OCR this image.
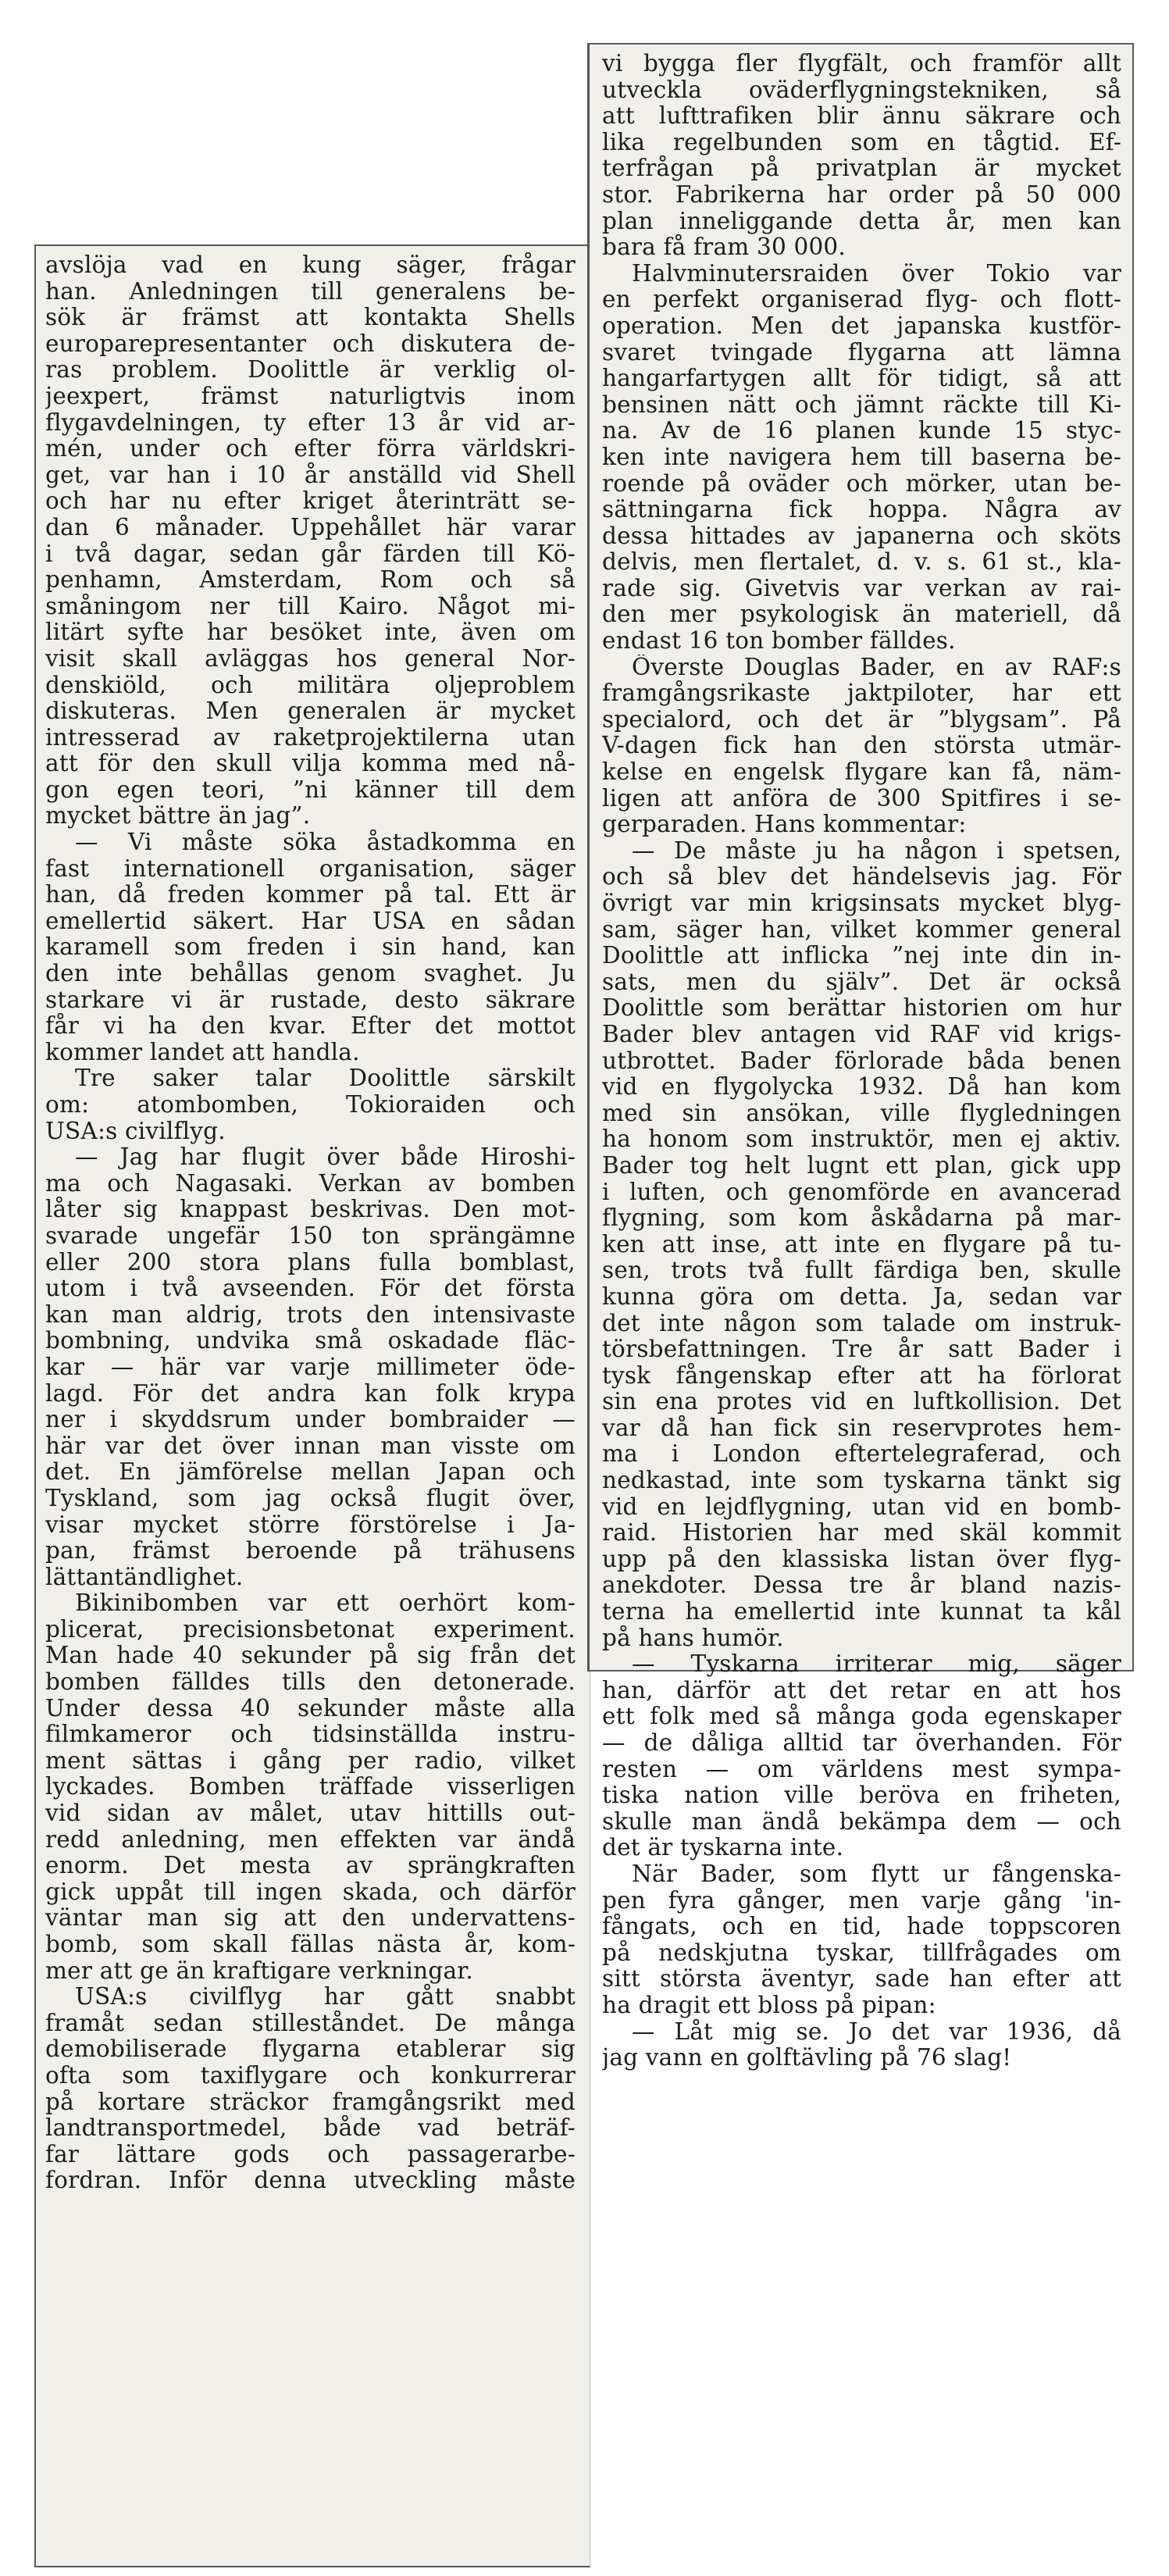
avslöja vad en kung säger, frågar
han. Anledningen till generalens be-
sök är främst att kontakta Shells
europarepresentanter och diskutera de-
ras problem. Doolittle är verklig ol-
jeexpert, främst naturligtvis inom
flygavdelningen, ty efter 13 år vid ar-
mén, under och efter förra världskri-
get, var han i 10 år anställd vid Shell
och har nu efter kriget återinträtt se-
dan 6 månader. Uppehållet här varar
i två dagar, sedan går färden till Kö-
penhamn, Amsterdam, Rom och så
småningom ner till Kairo. Något mi-
litärt syfte har besöket inte, även om
visit skall avläggas hos general Nor-
denskiöld, och militära oljeproblem
diskuteras. Men generalen är mycket
intresserad av raketprojektilerna utan
att för den skull vilja komma med nå-
gon egen teori, ”ni känner till dem
mycket bättre än jag”.
— Vi måste söka åstadkomma en
fast internationell organisation, säger
han, då freden kommer på tal. Ett är
emellertid säkert. Har USA en sådan
karamell som freden i sin hand, kan
den inte behållas genom svaghet. Ju
starkare vi är rustade, desto säkrare
får vi ha den kvar. Efter det mottot
kommer landet att handla.
Tre saker talar Doolittle särskilt
om: atombomben, Tokioraiden och
USA:s civilflyg.
— Jag har flugit över både Hiroshi-
ma och Nagasaki. Verkan av bomben
låter sig knappast beskrivas. Den mot-
svarade ungefär 150 ton sprängämne
eller 200 stora plans fulla bomblast,
utom i två avseenden. För det första
kan man aldrig, trots den intensivaste
bombning, undvika små oskadade fläc-
kar — här var varje millimeter öde-
lagd. För det andra kan folk krypa
ner i skyddsrum under bombraider —
här var det över innan man visste om
det. En jämförelse mellan Japan och
Tyskland, som jag också flugit över,
visar mycket större förstörelse i Ja-
pan, främst beroende på trähusens
lättantändlighet.
Bikinibomben var ett oerhört kom-
plicerat, precisionsbetonat experiment.
Man hade 40 sekunder på sig från det
bomben fälldes tills den detonerade.
Under dessa 40 sekunder måste alla
filmkameror och tidsinställda instru-
ment sättas i gång per radio, vilket
lyckades. Bomben träffade visserligen
vid sidan av målet, utav hittills out-
redd anledning, men effekten var ändå
enorm. Det mesta av sprängkraften
gick uppåt till ingen skada, och därför
väntar man sig att den undervattens-
bomb, som skall fällas nästa år, kom-
mer att ge än kraftigare verkningar.
USA:s civilflyg har gått snabbt
framåt sedan stilleståndet. De många
demobiliserade flygarna etablerar sig
ofta som taxiflygare och konkurrerar
på kortare sträckor framgångsrikt med
landtransportmedel, både vad beträf-
far lättare gods och passagerarbe-
fordran. Inför denna utveckling måste
vi bygga fler flygfält, och framför allt
utveckla oväderflygningstekniken, så
att lufttrafiken blir ännu säkrare och
lika regelbunden som en tågtid. Ef-
terfrågan på privatplan är mycket
stor. Fabrikerna har order på 50 000
plan inneliggande detta år, men kan
bara få fram 30 000.
Halvminutersraiden över Tokio var
en perfekt organiserad flyg- och flott-
operation. Men det japanska kustför-
svaret tvingade flygarna att lämna
hangarfartygen allt för tidigt, så att
bensinen nätt och jämnt räckte till Ki-
na. Av de 16 planen kunde 15 styc-
ken inte navigera hem till baserna be-
roende på oväder och mörker, utan be-
sättningarna fick hoppa. Några av
dessa hittades av japanerna och sköts
delvis, men flertalet, d. v. s. 61 st., kla-
rade sig. Givetvis var verkan av rai-
den mer psykologisk än materiell, då
endast 16 ton bomber fälldes.
Överste Douglas Bader, en av RAF:s
framgångsrikaste jaktpiloter, har ett
specialord, och det är ”blygsam”. På
V-dagen fick han den största utmär-
kelse en engelsk flygare kan få, näm-
ligen att anföra de 300 Spitfires i se-
gerparaden. Hans kommentar:
— De måste ju ha någon i spetsen,
och så blev det händelsevis jag. För
övrigt var min krigsinsats mycket blyg-
sam, säger han, vilket kommer general
Doolittle att inflicka ”nej inte din in-
sats, men du själv”. Det är också
Doolittle som berättar historien om hur
Bader blev antagen vid RAF vid krigs-
utbrottet. Bader förlorade båda benen
vid en flygolycka 1932. Då han kom
med sin ansökan, ville flygledningen
ha honom som instruktör, men ej aktiv.
Bader tog helt lugnt ett plan, gick upp
i luften, och genomförde en avancerad
flygning, som kom åskådarna på mar-
ken att inse, att inte en flygare på tu-
sen, trots två fullt färdiga ben, skulle
kunna göra om detta. Ja, sedan var
det inte någon som talade om instruk-
törsbefattningen. Tre år satt Bader i
tysk fångenskap efter att ha förlorat
sin ena protes vid en luftkollision. Det
var då han fick sin reservprotes hem-
ma i London eftertelegraferad, och
nedkastad, inte som tyskarna tänkt sig
vid en lejdflygning, utan vid en bomb-
raid. Historien har med skäl kommit
upp på den klassiska listan över flyg-
anekdoter. Dessa tre år bland nazis-
terna ha emellertid inte kunnat ta kål
på hans humör.
— Tyskarna irriterar mig, säger
han, därför att det retar en att hos
ett folk med så många goda egenskaper
— de dåliga alltid tar överhanden. För
resten — om världens mest sympa-
tiska nation ville beröva en friheten,
skulle man ändå bekämpa dem — och
det är tyskarna inte.
När Bader, som flytt ur fångenska-
pen fyra gånger, men varje gång 'in-
fångats, och en tid, hade toppscoren
på nedskjutna tyskar, tillfrågades om
sitt största äventyr, sade han efter att
ha dragit ett bloss på pipan:
— Låt mig se. Jo det var 1936, då
jag vann en golftävling på 76 slag!
